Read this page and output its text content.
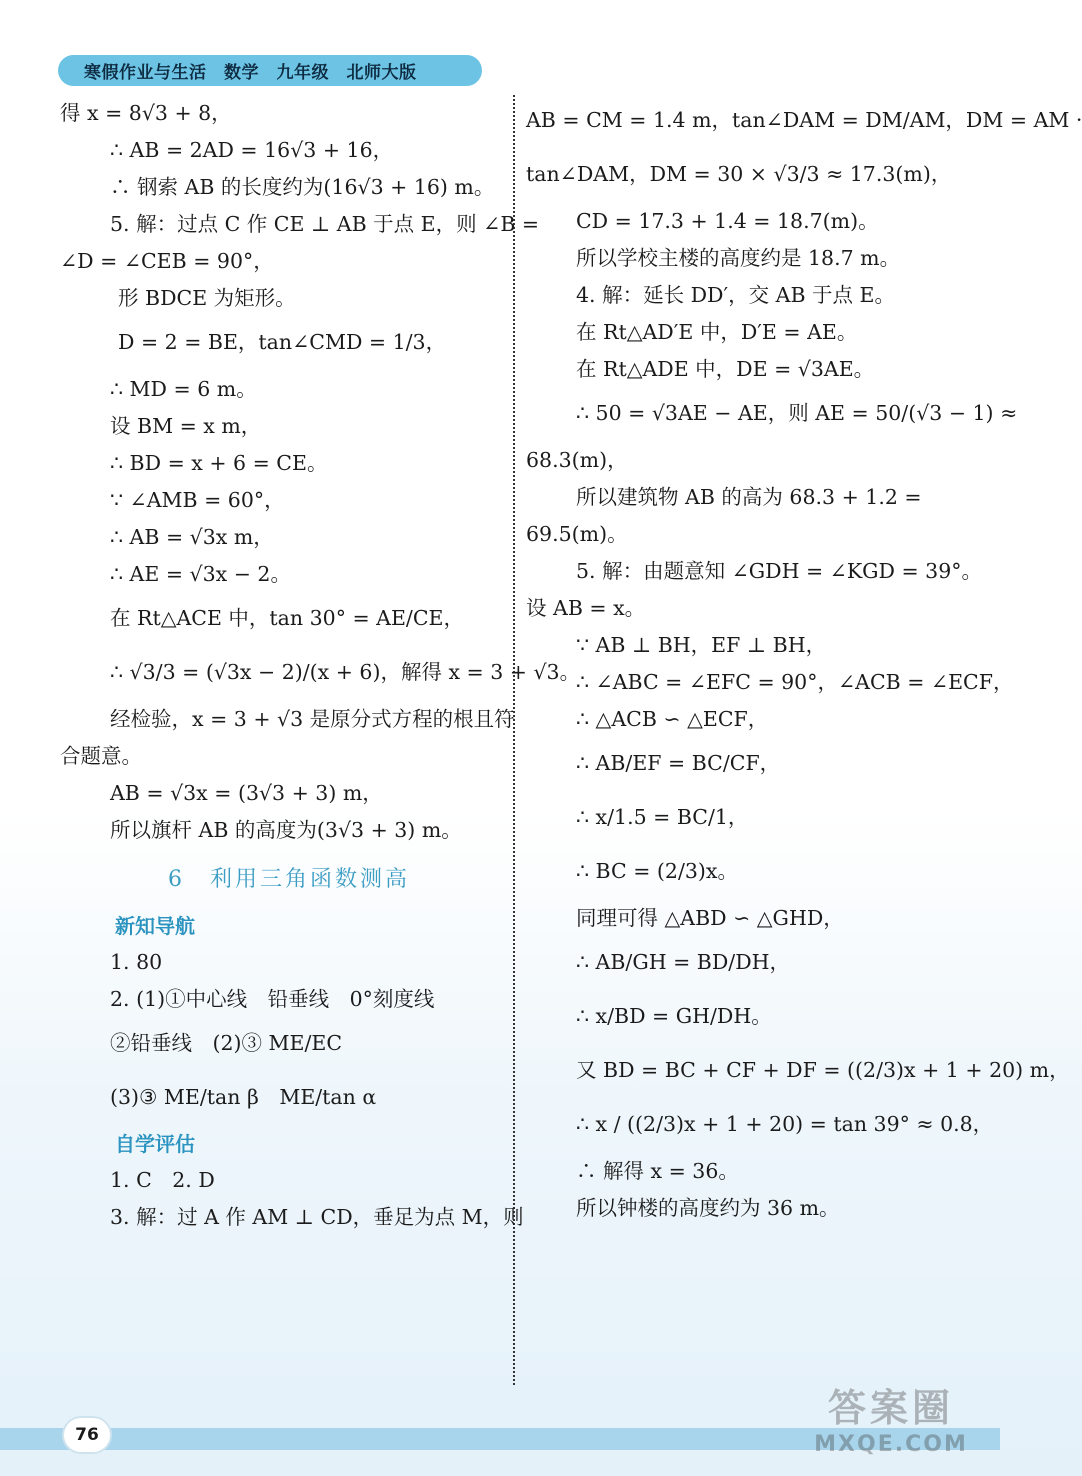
寒假作业与生活　数学　九年级　北师大版
得 x = 8√3 + 8，
∴ AB = 2AD = 16√3 + 16，
∴ 钢索 AB 的长度约为(16√3 + 16) m。
5. 解：过点 C 作 CE ⊥ AB 于点 E，则 ∠B =
∠D = ∠CEB = 90°，
形 BDCE 为矩形。
D = 2 = BE，tan∠CMD = 1/3，
∴ MD = 6 m。
设 BM = x m，
∴ BD = x + 6 = CE。
∵ ∠AMB = 60°，
∴ AB = √3x m，
∴ AE = √3x − 2。
在 Rt△ACE 中，tan 30° = AE/CE，
∴ √3/3 = (√3x − 2)/(x + 6)，解得 x = 3 + √3。
经检验，x = 3 + √3 是原分式方程的根且符
合题意。
AB = √3x = (3√3 + 3) m，
所以旗杆 AB 的高度为(3√3 + 3) m。
6　利用三角函数测高
新知导航
1. 80
2. (1)①中心线　铅垂线　0°刻度线
②铅垂线　(2)③ ME/EC
(3)③ ME/tan β　ME/tan α
自学评估
1. C　2. D
3. 解：过 A 作 AM ⊥ CD，垂足为点 M，则
AB = CM = 1.4 m，tan∠DAM = DM/AM，DM = AM ·
tan∠DAM，DM = 30 × √3/3 ≈ 17.3(m)，
CD = 17.3 + 1.4 = 18.7(m)。
所以学校主楼的高度约是 18.7 m。
4. 解：延长 DD′，交 AB 于点 E。
在 Rt△AD′E 中，D′E = AE。
在 Rt△ADE 中，DE = √3AE。
∴ 50 = √3AE − AE，则 AE = 50/(√3 − 1) ≈
68.3(m)，
所以建筑物 AB 的高为 68.3 + 1.2 =
69.5(m)。
5. 解：由题意知 ∠GDH = ∠KGD = 39°。
设 AB = x。
∵ AB ⊥ BH，EF ⊥ BH，
∴ ∠ABC = ∠EFC = 90°，∠ACB = ∠ECF，
∴ △ACB ∽ △ECF，
∴ AB/EF = BC/CF，
∴ x/1.5 = BC/1，
∴ BC = (2/3)x。
同理可得 △ABD ∽ △GHD，
∴ AB/GH = BD/DH，
∴ x/BD = GH/DH。
又 BD = BC + CF + DF = ((2/3)x + 1 + 20) m，
∴ x / ((2/3)x + 1 + 20) = tan 39° ≈ 0.8，
∴ 解得 x = 36。
所以钟楼的高度约为 36 m。
76
答案圈
MXQE.COM
